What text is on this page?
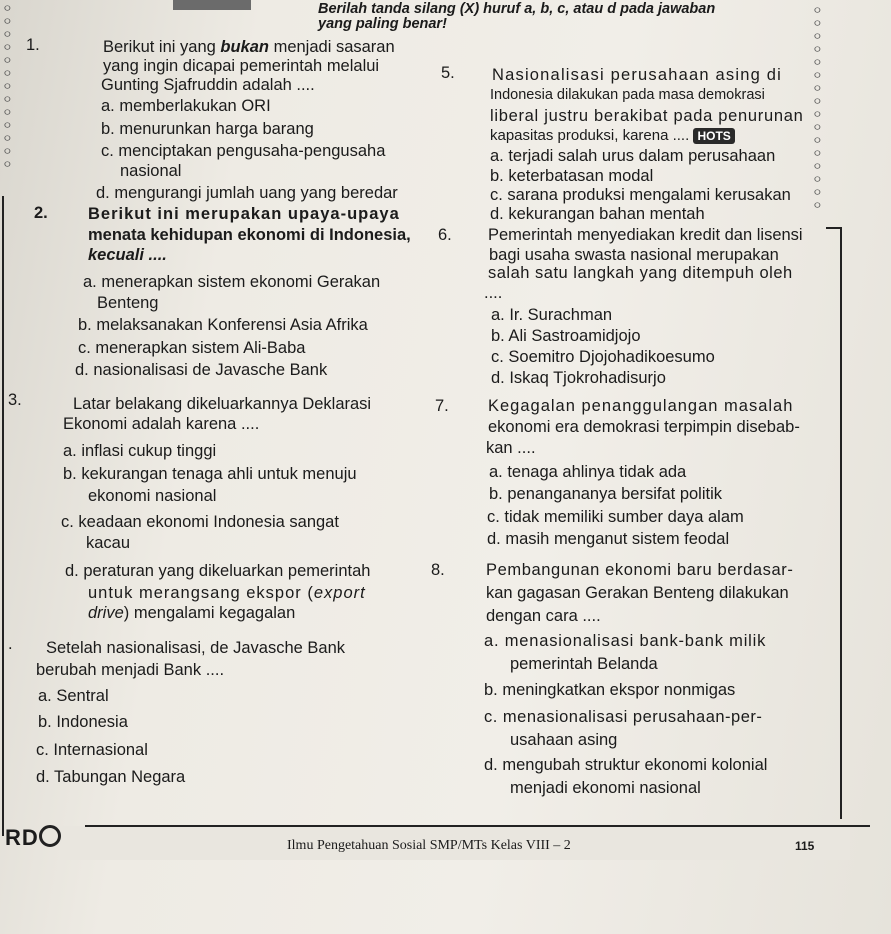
ㅇ
ㅇ
ㅇ
ㅇ
ㅇ
ㅇ
ㅇ
ㅇ
ㅇ
ㅇ
ㅇ
ㅇ
ㅇ
ㅇ
ㅇ
ㅇ
ㅇ
ㅇ
ㅇ
ㅇ
ㅇ
ㅇ
ㅇ
ㅇ
ㅇ
ㅇ
ㅇ
ㅇ
ㅇ
Berilah tanda silang (X) huruf a, b, c, atau d pada jawaban
yang paling benar!
1.	Berikut ini yang bukan menjadi sasaran
yang ingin dicapai pemerintah melalui
Gunting Sjafruddin adalah ....
a. memberlakukan ORI
b. menurunkan harga barang
c. menciptakan pengusaha-pengusaha
nasional
d. mengurangi jumlah uang yang beredar
2. Berikut ini merupakan upaya-upaya
menata kehidupan ekonomi di Indonesia,
kecuali ....
a. menerapkan sistem ekonomi Gerakan
Benteng
b. melaksanakan Konferensi Asia Afrika
c. menerapkan sistem Ali-Baba
d. nasionalisasi de Javasche Bank
3.	Latar belakang dikeluarkannya Deklarasi
Ekonomi adalah karena ....
a. inflasi cukup tinggi
b. kekurangan tenaga ahli untuk menuju
ekonomi nasional
c. keadaan ekonomi Indonesia sangat
kacau
d. peraturan yang dikeluarkan pemerintah
untuk merangsang ekspor (export
drive) mengalami kegagalan
. Setelah nasionalisasi, de Javasche Bank
berubah menjadi Bank ....
a. Sentral
b. Indonesia
c. Internasional
d. Tabungan Negara
5. Nasionalisasi perusahaan asing di
Indonesia dilakukan pada masa demokrasi
liberal justru berakibat pada penurunan
kapasitas produksi, karena .... HOTS
a. terjadi salah urus dalam perusahaan
b. keterbatasan modal
c. sarana produksi mengalami kerusakan
d. kekurangan bahan mentah
6. Pemerintah menyediakan kredit dan lisensi
bagi usaha swasta nasional merupakan
salah satu langkah yang ditempuh oleh
....
a. Ir. Surachman
b. Ali Sastroamidjojo
c. Soemitro Djojohadikoesumo
d. Iskaq Tjokrohadisurjo
7. Kegagalan penanggulangan masalah
ekonomi era demokrasi terpimpin disebab-
kan ....
a. tenaga ahlinya tidak ada
b. penangananya bersifat politik
c. tidak memiliki sumber daya alam
d. masih menganut sistem feodal
8. Pembangunan ekonomi baru berdasar-
kan gagasan Gerakan Benteng dilakukan
dengan cara ....
a. menasionalisasi bank-bank milik
pemerintah Belanda
b. meningkatkan ekspor nonmigas
c. menasionalisasi perusahaan-per-
usahaan asing
d. mengubah struktur ekonomi kolonial
menjadi ekonomi nasional
RD	Ilmu Pengetahuan Sosial SMP/MTs Kelas VIII – 2	115
